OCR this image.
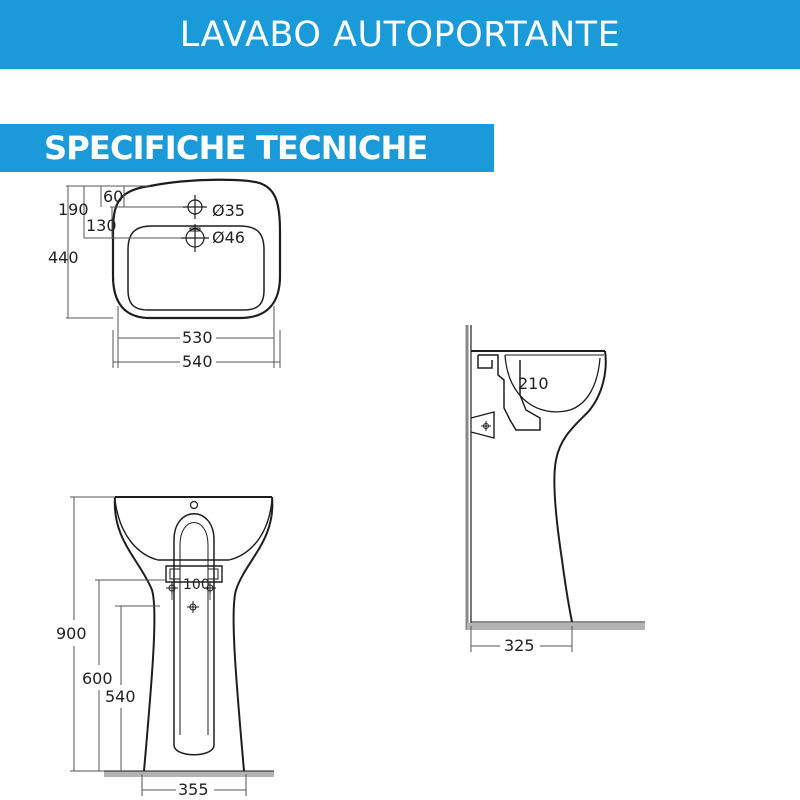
LAVABO AUTOPORTANTE
SPECIFICHE TECNICHE
60
190
130
440
Ø35
Ø46
530
540
210
325
900
600
540
100
355
